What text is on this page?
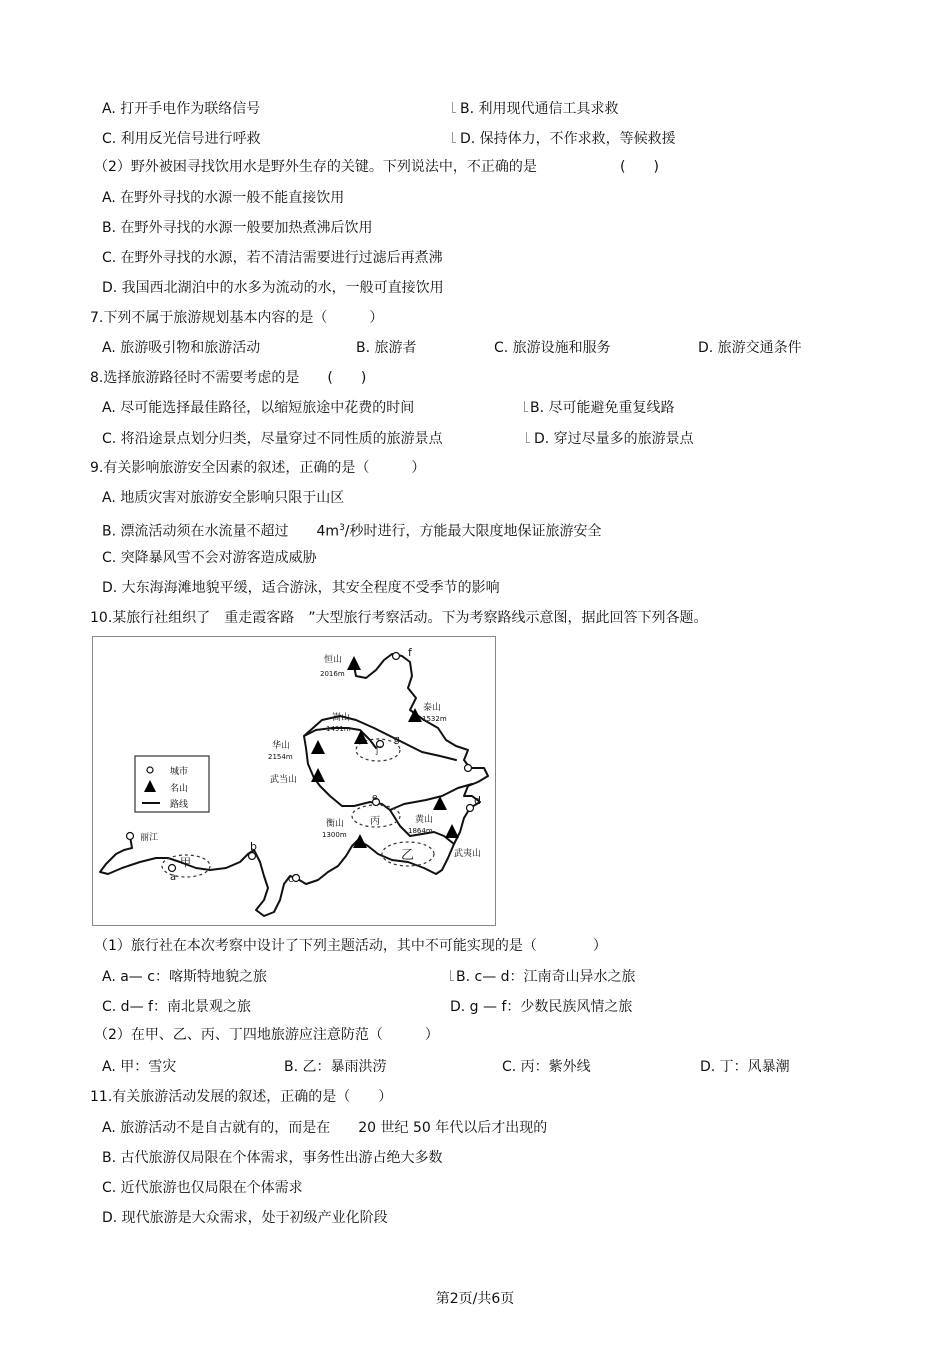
A. 打开手电作为联络信号	B. 利用现代通信工具求救
C. 利用反光信号进行呼救	D. 保持体力，不作求救，等候救援
（2）野外被困寻找饮用水是野外生存的关键。下列说法中，不正确的是	(　　)
A. 在野外寻找的水源一般不能直接饮用
B. 在野外寻找的水源一般要加热煮沸后饮用
C. 在野外寻找的水源，若不清洁需要进行过滤后再煮沸
D. 我国西北湖泊中的水多为流动的水，一般可直接饮用
7.下列不属于旅游规划基本内容的是（　　　）
A. 旅游吸引物和旅游活动	B. 旅游者	C. 旅游设施和服务	D. 旅游交通条件
8.选择旅游路径时不需要考虑的是　　(　　)
A. 尽可能选择最佳路径，以缩短旅途中花费的时间	B. 尽可能避免重复线路
C. 将沿途景点划分归类，尽量穿过不同性质的旅游景点	D. 穿过尽量多的旅游景点
9.有关影响旅游安全因素的叙述，正确的是（　　　）
A. 地质灾害对旅游安全影响只限于山区
B. 漂流活动须在水流量不超过　　$4m^3/$秒时进行，方能最大限度地保证旅游安全
C. 突降暴风雪不会对游客造成威胁
D. 大东海海滩地貌平缓，适合游泳，其安全程度不受季节的影响
10.某旅行社组织了　重走霞客路　”大型旅行考察活动。下为考察路线示意图，据此回答下列各题。
恒山
2016m
泰山
1532m
嵩山
1491m
华山
2154m
武当山
黄山
1864m
衡山
1300m
武夷山
丽江
甲	乙
丙
丁
a
b
c
d
e
f
g
城市
名山
路线
（1）旅行社在本次考察中设计了下列主题活动，其中不可能实现的是（　　　　）
A. a— c：喀斯特地貌之旅	B. c— d：江南奇山异水之旅
C. d— f：南北景观之旅	D. g — f：少数民族风情之旅
（2）在甲、乙、丙、丁四地旅游应注意防范（　　　）
A. 甲：雪灾	B. 乙：暴雨洪涝	C. 丙：紫外线	D. 丁：风暴潮
11.有关旅游活动发展的叙述，正确的是（　　）
A. 旅游活动不是自古就有的，而是在　　20 世纪 50 年代以后才出现的
B. 古代旅游仅局限在个体需求，事务性出游占绝大多数
C. 近代旅游也仅局限在个体需求
D. 现代旅游是大众需求，处于初级产业化阶段
第2页/共6页
